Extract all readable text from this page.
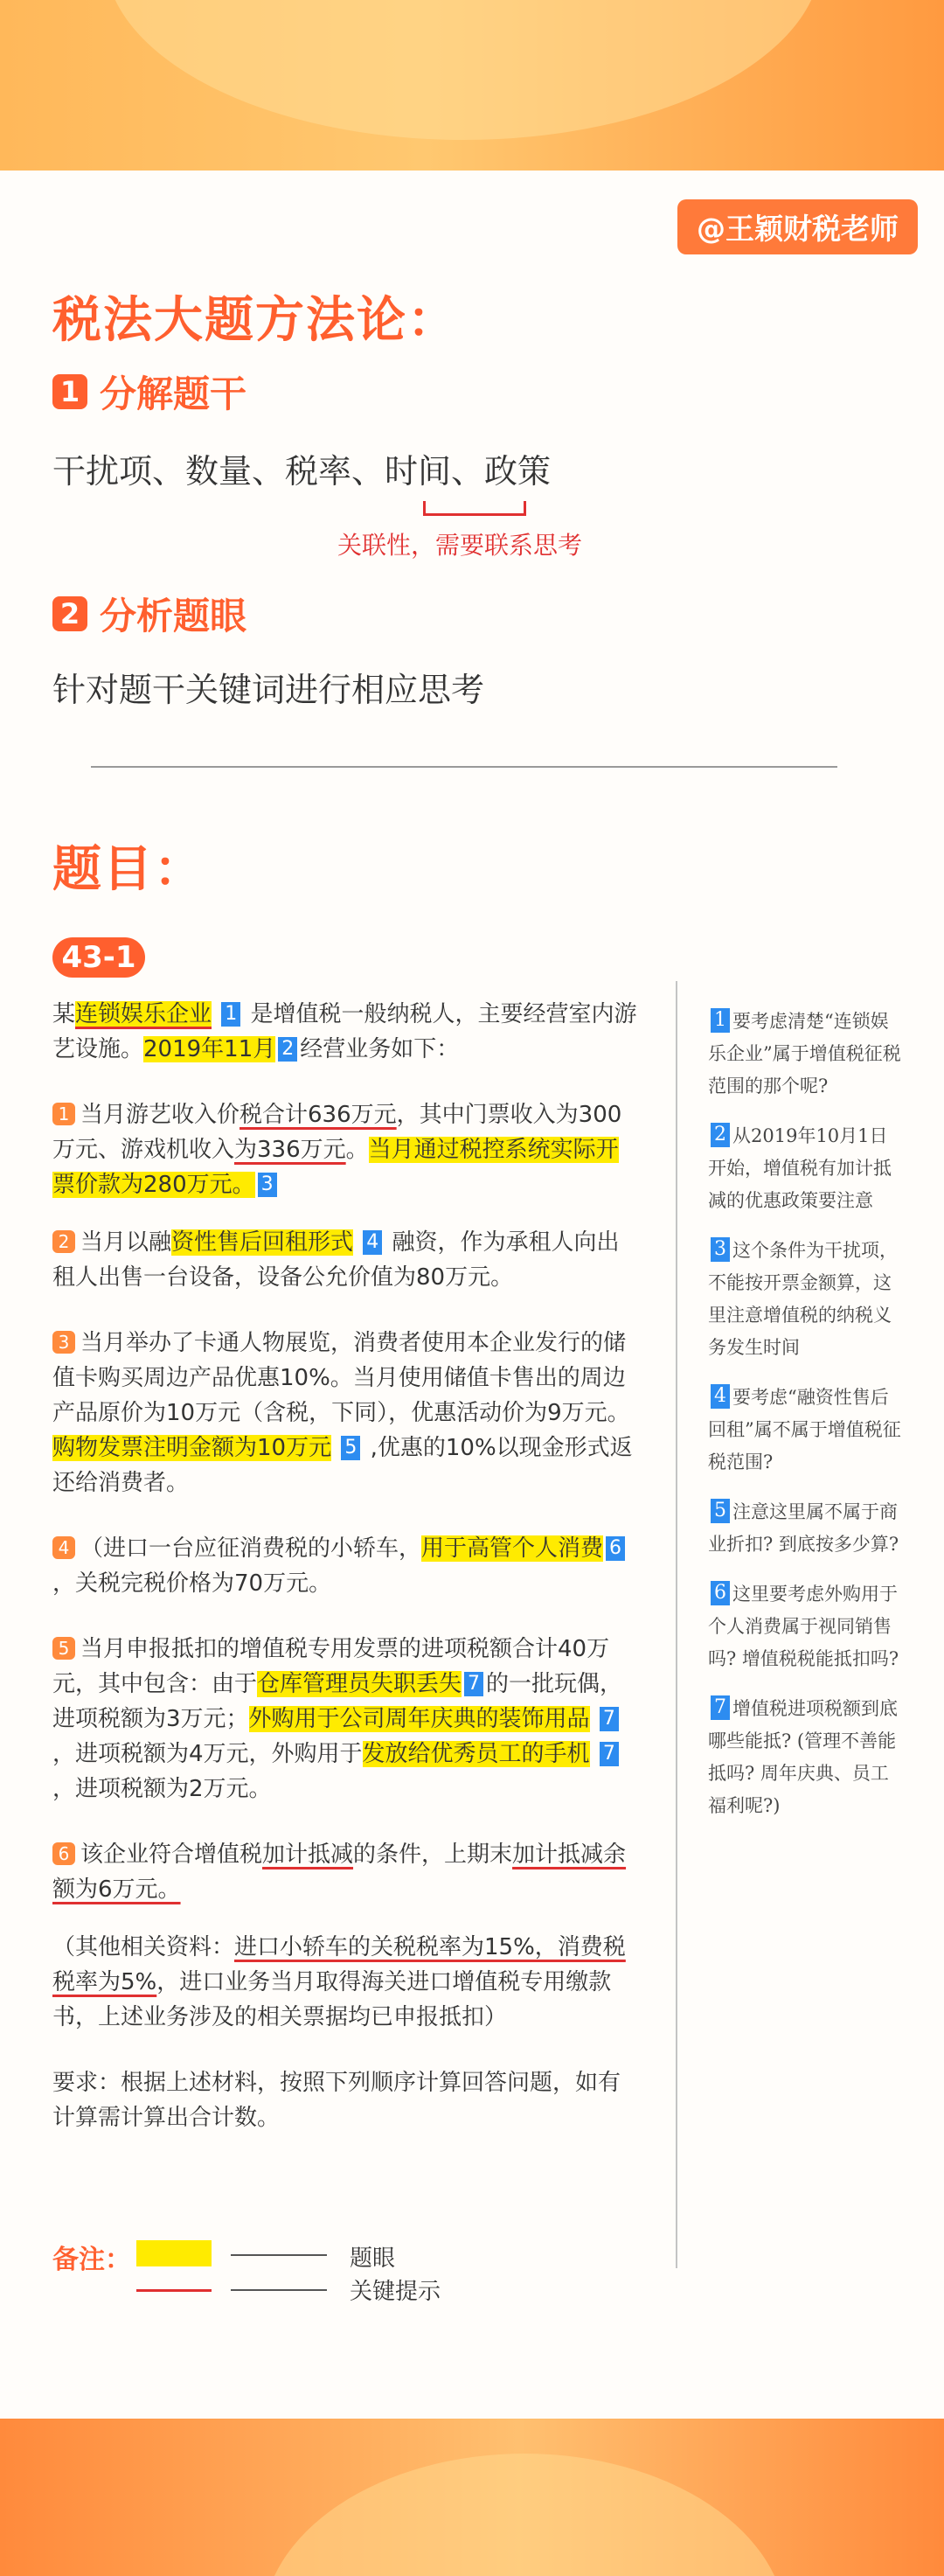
@王颖财税老师
税法大题方法论：
1 分解题干
干扰项、数量、税率、时间、政策
关联性，需要联系思考
2 分析题眼
针对题干关键词进行相应思考
题目：
43-1

某连锁娱乐企业 1 是增值税一般纳税人，主要经营室内游艺设施。2019年11月 2 经营业务如下：

1 当月游艺收入价税合计636万元，其中门票收入为300万元、游戏机收入为336万元。当月通过税控系统实际开票价款为280万元。 3

2 当月以融资性售后回租形式 4 融资，作为承租人向出租人出售一台设备，设备公允价值为80万元。

3 当月举办了卡通人物展览，消费者使用本企业发行的储值卡购买周边产品优惠10%。当月使用储值卡售出的周边产品原价为10万元（含税，下同），优惠活动价为9万元。购物发票注明金额为10万元 5 ,优惠的10%以现金形式返还给消费者。

4 （进口一台应征消费税的小轿车，用于高管个人消费 6，关税完税价格为70万元。

5 当月申报抵扣的增值税专用发票的进项税额合计40万元，其中包含：由于仓库管理员失职丢失 7 的一批玩偶，进项税额为3万元；外购用于公司周年庆典的装饰用品 7，进项税额为4万元，外购用于发放给优秀员工的手机 7，进项税额为2万元。

6 该企业符合增值税加计抵减的条件，上期末加计抵减余额为6万元。

（其他相关资料：进口小轿车的关税税率为15%，消费税税率为5%，进口业务当月取得海关进口增值税专用缴款书，上述业务涉及的相关票据均已申报抵扣）

要求：根据上述材料，按照下列顺序计算回答问题，如有计算需计算出合计数。

1 要考虑清楚“连锁娱乐企业”属于增值税征税范围的那个呢?
2 从2019年10月1日开始，增值税有加计抵减的优惠政策要注意
3 这个条件为干扰项，不能按开票金额算，这里注意增值税的纳税义务发生时间
4 要考虑“融资性售后回租”属不属于增值税征税范围?
5 注意这里属不属于商业折扣? 到底按多少算?
6 这里要考虑外购用于个人消费属于视同销售吗? 增值税税能抵扣吗?
7 增值税进项税额到底哪些能抵? (管理不善能抵吗? 周年庆典、员工福利呢?)
备注：	题眼
关键提示
